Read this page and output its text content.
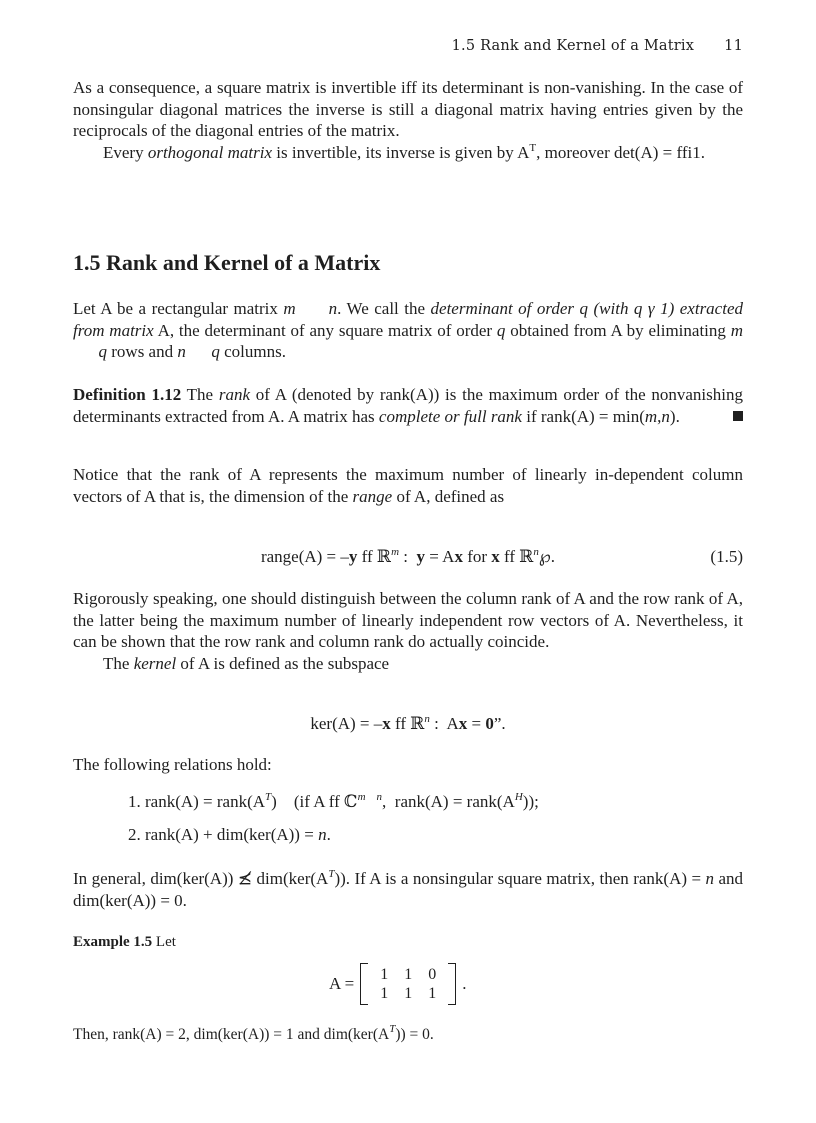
1.5 Rank and Kernel of a Matrix 11

As a consequence, a square matrix is invertible iff its determinant is non-vanishing. In the case of nonsingular diagonal matrices the inverse is still a diagonal matrix having entries given by the reciprocals of the diagonal entries of the matrix.

Every orthogonal matrix is invertible, its inverse is given by $A^T$, moreover det(A) = ffi1.

1.5 Rank and Kernel of a Matrix

Let A be a rectangular matrix m n. We call the determinant of order q (with q γ 1) extracted from matrix A, the determinant of any square matrix of order q obtained from A by eliminating m      q rows and n q columns.

Definition 1.12 The rank of A (denoted by rank(A)) is the maximum order of the nonvanishing determinants extracted from A. A matrix has complete or full rank if rank(A) = min(m,n).

Notice that the rank of A represents the maximum number of linearly in-dependent column vectors of A that is, the dimension of the range of A, defined as

range(A) = –y ff ℝ$^m$ :  y = Ax for x ff ℝ$^n$℘.	(1.5)

Rigorously speaking, one should distinguish between the column rank of A and the row rank of A, the latter being the maximum number of linearly independent row vectors of A. Nevertheless, it can be shown that the row rank and column rank do actually coincide.

The kernel of A is defined as the subspace

ker(A) = –x ff ℝ$^n$ :  Ax = 0”.

The following relations hold:

1. rank(A) = $rank(A^T)$    (if A ff ℂ$^{m n}$,  rank(A) = $rank(A^H)$);
2. rank(A) + dim(ker(A)) = n.

In general, dim(ker(A)) ⪯̸ $dim(ker(A^T))$. If A is a nonsingular square matrix, then rank(A) = n and dim(ker(A)) = 0.

Example 1.5 Let

A = 1	1	0
1	1	1
.

Then, rank(A) = 2, dim(ker(A)) = 1 and $dim(ker(A^T)) = 0$.
